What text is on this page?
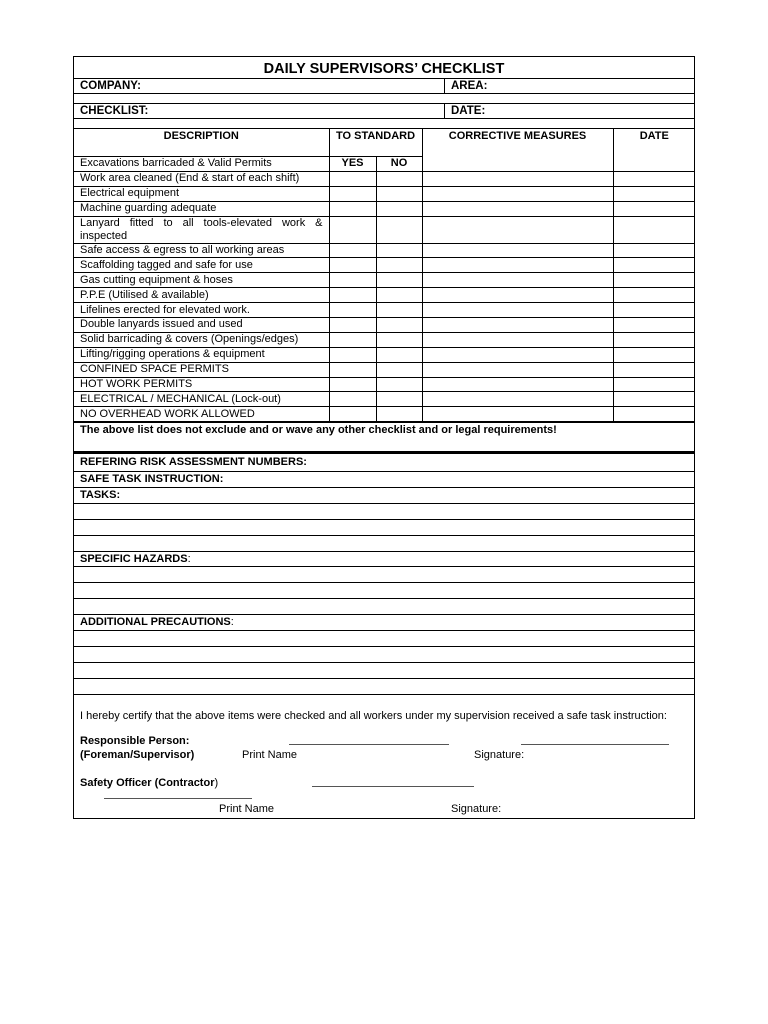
DAILY SUPERVISORS’ CHECKLIST
COMPANY:	AREA:
CHECKLIST:	DATE:
DESCRIPTION	TO STANDARD		CORRECTIVE MEASURES	DATE
Excavations barricaded & Valid Permits	YES	NO		
Work area cleaned (End & start of each shift)				
Electrical equipment				
Machine guarding adequate				
Lanyard fitted to all tools-elevated work & inspected				
Safe access & egress to all working areas				
Scaffolding tagged and safe for use				
Gas cutting equipment & hoses				
P.P.E (Utilised & available)				
Lifelines erected for elevated work.				
Double lanyards issued and used				
Solid barricading & covers (Openings/edges)				
Lifting/rigging operations & equipment				
CONFINED SPACE PERMITS				
HOT WORK PERMITS				
ELECTRICAL / MECHANICAL (Lock-out)				
NO OVERHEAD WORK ALLOWED				
The above list does not exclude and or wave any other checklist and or legal requirements!
REFERING RISK ASSESSMENT NUMBERS:
SAFE TASK INSTRUCTION:
TASKS:
SPECIFIC HAZARDS:
ADDITIONAL PRECAUTIONS:

I hereby certify that the above items were checked and all workers under my supervision received a safe task instruction:

Responsible Person:
(Foreman/Supervisor)	Print Name	Signature:
Safety Officer (Contractor)
Print Name	Signature:
